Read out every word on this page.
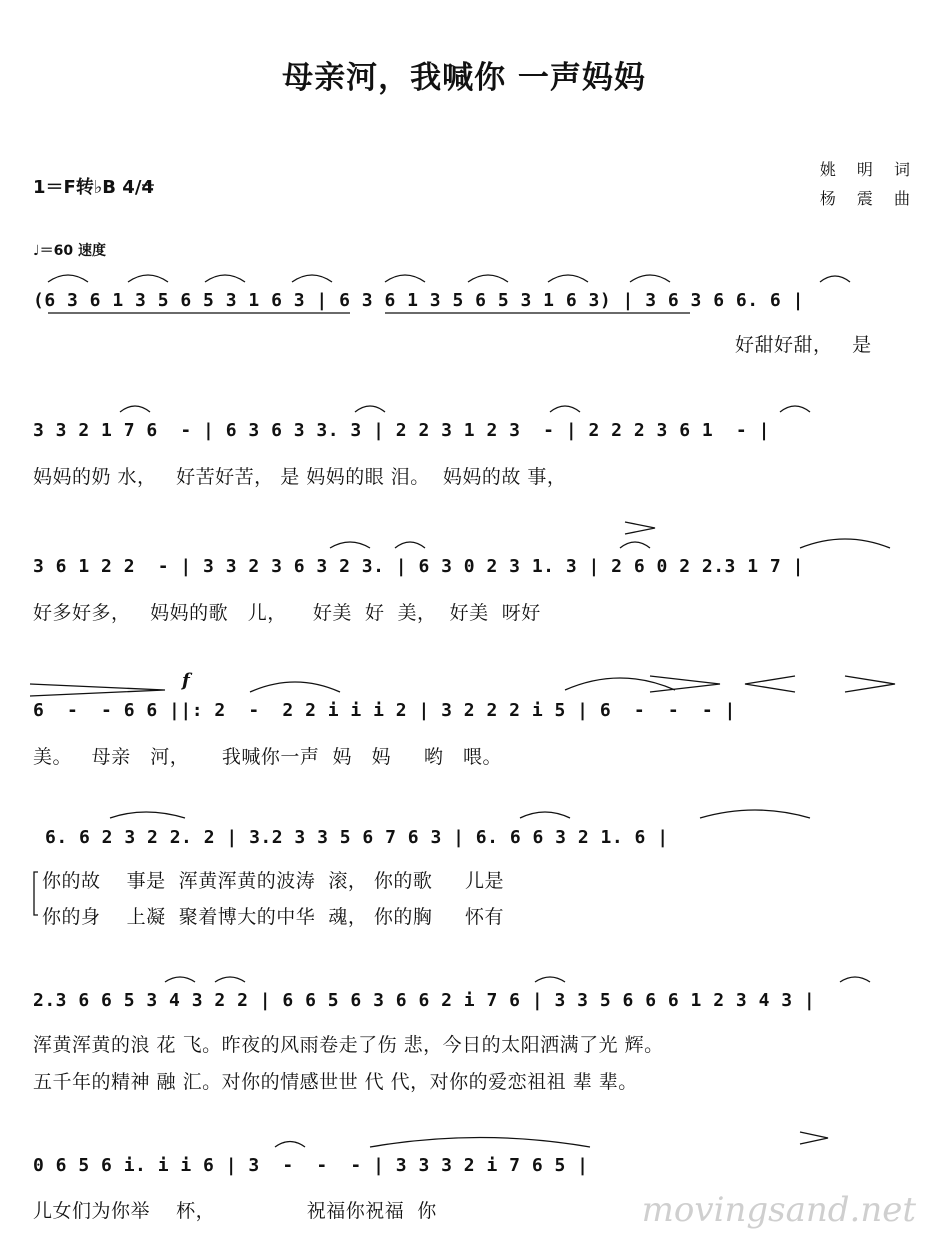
母亲河，我喊你 一声妈妈
1＝F转♭B 4/4
姚 明 词
杨 震 曲
♩＝60 速度
(6 3 6 1 3 5 6 5 3 1 6 3 | 6 3 6 1 3 5 6 5 3 1 6 3) | 3 6 3 6 6. 6 |
好甜好甜，   是
3 3 2 1 7 6  - | 6 3 6 3 3. 3 | 2 2 3 1 2 3  - | 2 2 2 3 6 1  - |
妈妈的奶 水，   好苦好苦， 是 妈妈的眼 泪。  妈妈的故 事，
3 6 1 2 2  - | 3 3 2 3 6 3 2 3. | 6 3 0 2 3 1. 3 | 2 6 0 2 2.3 1 7 |
好多好多，   妈妈的歌   儿，    好美  好  美，  好美  呀好
f
6  -  - 6 6 ||: 2  -  2 2 i i i 2 | 3 2 2 2 i 5 | 6  -  -  - |
美。   母亲   河，     我喊你一声  妈   妈     哟   喂。
6. 6 2 3 2 2. 2 | 3.2 3 3 5 6 7 6 3 | 6. 6 6 3 2 1. 6 |
你的故    事是  浑黄浑黄的波涛  滚， 你的歌     儿是
你的身    上凝  聚着博大的中华  魂， 你的胸     怀有
2.3 6 6 5 3 4 3 2 2 | 6 6 5 6 3 6 6 2 i 7 6 | 3 3 5 6 6 6 1 2 3 4 3 |
浑黄浑黄的浪 花 飞。昨夜的风雨卷走了伤 悲，今日的太阳洒满了光 辉。
五千年的精神 融 汇。对你的情感世世 代 代，对你的爱恋祖祖 辈 辈。
0 6 5 6 i. i i 6 | 3  -  -  - | 3 3 3 2 i 7 6 5 |
儿女们为你举    杯，              祝福你祝福  你	movingsand.net
